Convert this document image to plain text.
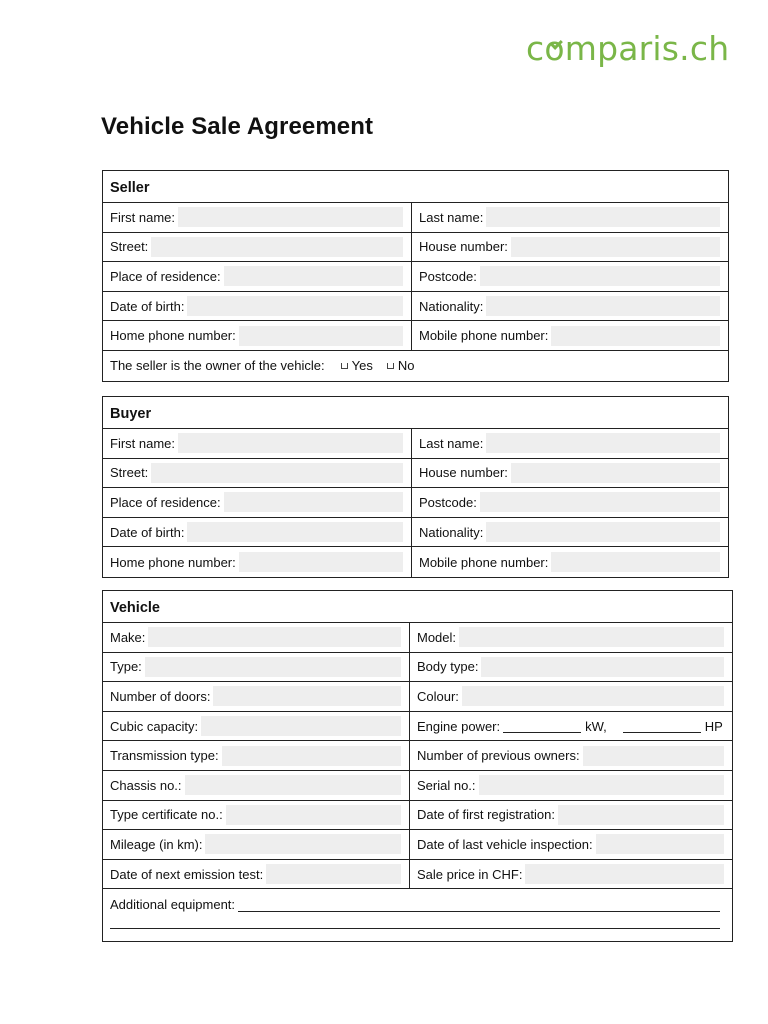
co
mparis.ch
Vehicle Sale Agreement
Seller
First name:	Last name:
Street:	House number:
Place of residence:	Postcode:
Date of birth:	Nationality:
Home phone number:	Mobile phone number:
The seller is the owner of the vehicle: Yes No
Buyer
First name:	Last name:
Street:	House number:
Place of residence:	Postcode:
Date of birth:	Nationality:
Home phone number:	Mobile phone number:
Vehicle
Make:	Model:
Type:	Body type:
Number of doors:	Colour:
Cubic capacity:	Engine power:	kW,	HP
Transmission type:	Number of previous owners:
Chassis no.:	Serial no.:
Type certificate no.:	Date of first registration:
Mileage (in km):	Date of last vehicle inspection:
Date of next emission test:	Sale price in CHF:
Additional equipment:
